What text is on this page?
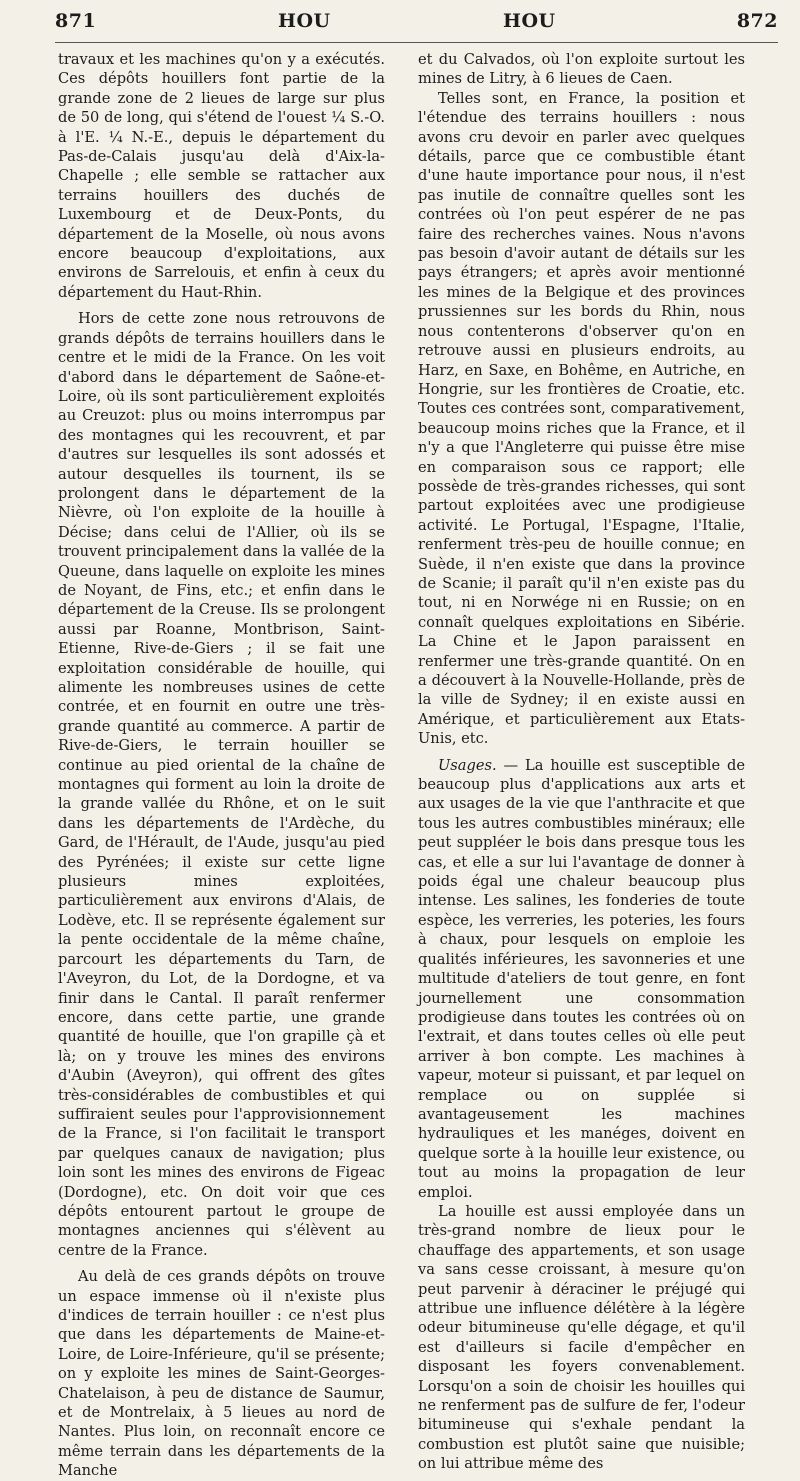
871	HOU	HOU	872

travaux et les machines qu'on y a exécutés. Ces dépôts houillers font partie de la grande zone de 2 lieues de large sur plus de 50 de long, qui s'étend de l'ouest ¼ S.-O. à l'E. ¼ N.-E., depuis le département du Pas-de-Calais jusqu'au delà d'Aix-la-Chapelle ; elle semble se rattacher aux terrains houillers des duchés de Luxembourg et de Deux-Ponts, du département de la Moselle, où nous avons encore beaucoup d'exploitations, aux environs de Sarrelouis, et enfin à ceux du département du Haut-Rhin.

Hors de cette zone nous retrouvons de grands dépôts de terrains houillers dans le centre et le midi de la France. On les voit d'abord dans le département de Saône-et-Loire, où ils sont particulièrement exploités au Creuzot: plus ou moins interrompus par des montagnes qui les recouvrent, et par d'autres sur lesquelles ils sont adossés et autour desquelles ils tournent, ils se prolongent dans le département de la Nièvre, où l'on exploite de la houille à Décise; dans celui de l'Allier, où ils se trouvent principalement dans la vallée de la Queune, dans laquelle on exploite les mines de Noyant, de Fins, etc.; et enfin dans le département de la Creuse. Ils se prolongent aussi par Roanne, Montbrison, Saint-Etienne, Rive-de-Giers ; il se fait une exploitation considérable de houille, qui alimente les nombreuses usines de cette contrée, et en fournit en outre une très-grande quantité au commerce. A partir de Rive-de-Giers, le terrain houiller se continue au pied oriental de la chaîne de montagnes qui forment au loin la droite de la grande vallée du Rhône, et on le suit dans les départements de l'Ardèche, du Gard, de l'Hérault, de l'Aude, jusqu'au pied des Pyrénées; il existe sur cette ligne plusieurs mines exploitées, particulièrement aux environs d'Alais, de Lodève, etc. Il se représente également sur la pente occidentale de la même chaîne, parcourt les départements du Tarn, de l'Aveyron, du Lot, de la Dordogne, et va finir dans le Cantal. Il paraît renfermer encore, dans cette partie, une grande quantité de houille, que l'on grapille çà et là; on y trouve les mines des environs d'Aubin (Aveyron), qui offrent des gîtes très-considérables de combustibles et qui suffiraient seules pour l'approvisionnement de la France, si l'on facilitait le transport par quelques canaux de navigation; plus loin sont les mines des environs de Figeac (Dordogne), etc. On doit voir que ces dépôts entourent partout le groupe de montagnes anciennes qui s'élèvent au centre de la France.

Au delà de ces grands dépôts on trouve un espace immense où il n'existe plus d'indices de terrain houiller : ce n'est plus que dans les départements de Maine-et-Loire, de Loire-Inférieure, qu'il se présente; on y exploite les mines de Saint-Georges-Chatelaison, à peu de distance de Saumur, et de Montrelaix, à 5 lieues au nord de Nantes. Plus loin, on reconnaît encore ce même terrain dans les départements de la Manche

et du Calvados, où l'on exploite surtout les mines de Litry, à 6 lieues de Caen.

Telles sont, en France, la position et l'étendue des terrains houillers : nous avons cru devoir en parler avec quelques détails, parce que ce combustible étant d'une haute importance pour nous, il n'est pas inutile de connaître quelles sont les contrées où l'on peut espérer de ne pas faire des recherches vaines. Nous n'avons pas besoin d'avoir autant de détails sur les pays étrangers; et après avoir mentionné les mines de la Belgique et des provinces prussiennes sur les bords du Rhin, nous nous contenterons d'observer qu'on en retrouve aussi en plusieurs endroits, au Harz, en Saxe, en Bohême, en Autriche, en Hongrie, sur les frontières de Croatie, etc. Toutes ces contrées sont, comparativement, beaucoup moins riches que la France, et il n'y a que l'Angleterre qui puisse être mise en comparaison sous ce rapport; elle possède de très-grandes richesses, qui sont partout exploitées avec une prodigieuse activité. Le Portugal, l'Espagne, l'Italie, renferment très-peu de houille connue; en Suède, il n'en existe que dans la province de Scanie; il paraît qu'il n'en existe pas du tout, ni en Norwége ni en Russie; on en connaît quelques exploitations en Sibérie. La Chine et le Japon paraissent en renfermer une très-grande quantité. On en a découvert à la Nouvelle-Hollande, près de la ville de Sydney; il en existe aussi en Amérique, et particulièrement aux Etats-Unis, etc.

Usages. — La houille est susceptible de beaucoup plus d'applications aux arts et aux usages de la vie que l'anthracite et que tous les autres combustibles minéraux; elle peut suppléer le bois dans presque tous les cas, et elle a sur lui l'avantage de donner à poids égal une chaleur beaucoup plus intense. Les salines, les fonderies de toute espèce, les verreries, les poteries, les fours à chaux, pour lesquels on emploie les qualités inférieures, les savonneries et une multitude d'ateliers de tout genre, en font journellement une consommation prodigieuse dans toutes les contrées où on l'extrait, et dans toutes celles où elle peut arriver à bon compte. Les machines à vapeur, moteur si puissant, et par lequel on remplace ou on supplée si avantageusement les machines hydrauliques et les manéges, doivent en quelque sorte à la houille leur existence, ou tout au moins la propagation de leur emploi.

La houille est aussi employée dans un très-grand nombre de lieux pour le chauffage des appartements, et son usage va sans cesse croissant, à mesure qu'on peut parvenir à déraciner le préjugé qui attribue une influence délétère à la légère odeur bitumineuse qu'elle dégage, et qu'il est d'ailleurs si facile d'empêcher en disposant les foyers convenablement. Lorsqu'on a soin de choisir les houilles qui ne renferment pas de sulfure de fer, l'odeur bitumineuse qui s'exhale pendant la combustion est plutôt saine que nuisible; on lui attribue même des
